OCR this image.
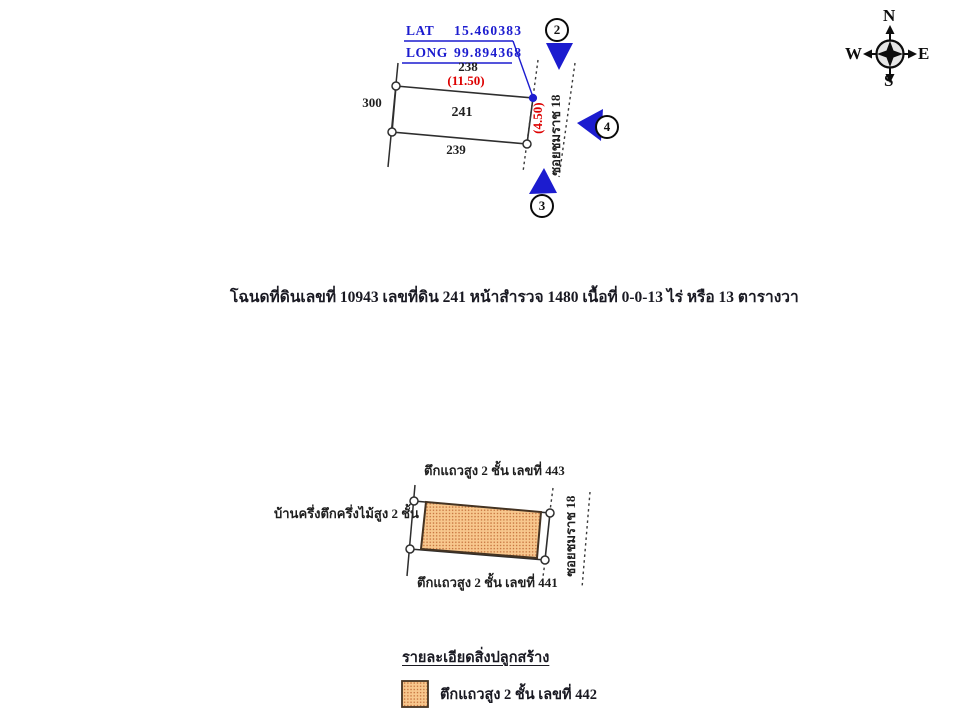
LAT	15.460383
LONG 99.894368
238
(11.50)
241
239
300	(4.50) ซอยชมราช 18
2
3
4
N
W	E
S
โฉนดที่ดินเลขที่ 10943 เลขที่ดิน 241 หน้าสำรวจ 1480 เนื้อที่ 0-0-13 ไร่ หรือ 13 ตารางวา
ตึกแถวสูง 2 ชั้น เลขที่ 443
บ้านครึ่งตึกครึ่งไม้สูง 2 ชั้น
ตึกแถวสูง 2 ชั้น เลขที่ 441
ซอยชมราช 18
รายละเอียดสิ่งปลูกสร้าง
ตึกแถวสูง 2 ชั้น เลขที่ 442
